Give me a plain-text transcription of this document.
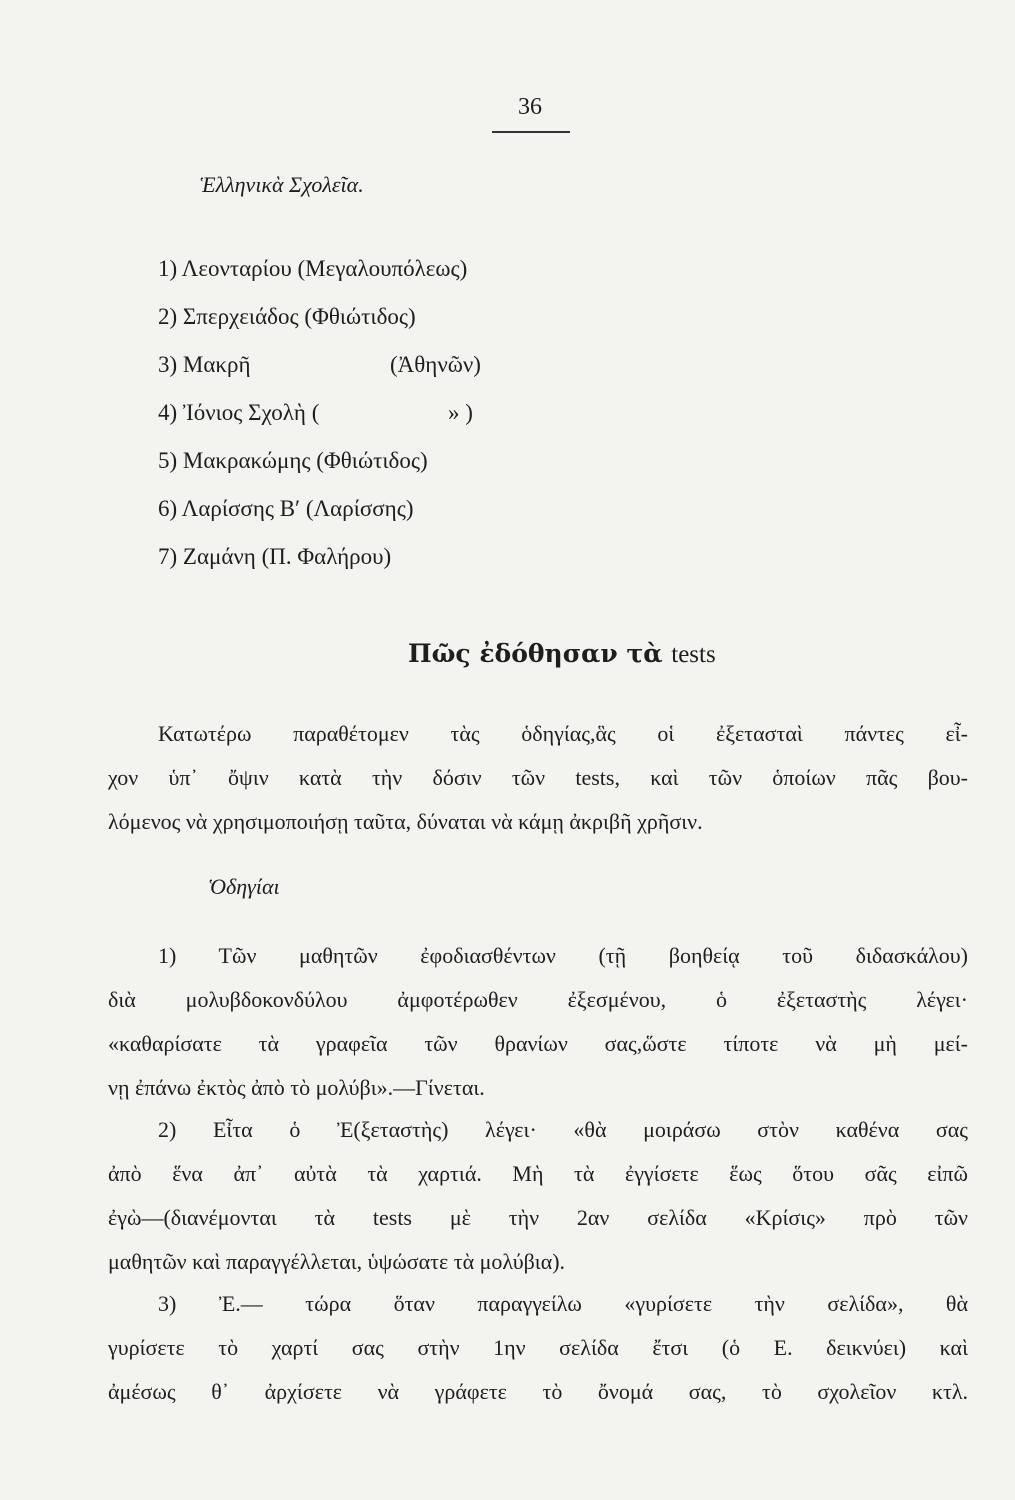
36
Ἑλληνικὰ Σχολεῖα.
1) Λεονταρίου (Μεγαλουπόλεως)
2) Σπερχειάδος (Φθιώτιδος)
3) Μακρῆ	(Ἀθηνῶν)
4) Ἰόνιος Σχολὴ (	» )
5) Μακρακώμης (Φθιώτιδος)
6) Λαρίσσης Β′ (Λαρίσσης)
7) Ζαμάνη (Π. Φαλήρου)
Πῶς ἐδόθησαν τὰ tests
Κατωτέρω παραθέτομεν τὰς ὁδηγίας,ἃς οἱ ἐξετασταὶ πάντες εἶ-
χον ὑπ᾽ ὄψιν κατὰ τὴν δόσιν τῶν tests, καὶ τῶν ὁποίων πᾶς βου-
λόμενος νὰ χρησιμοποιήσῃ ταῦτα, δύναται νὰ κάμῃ ἀκριβῆ χρῆσιν.
Ὁδηγίαι
1) Τῶν μαθητῶν ἐφοδιασθέντων (τῇ βοηθείᾳ τοῦ διδασκάλου)
διὰ μολυβδοκονδύλου ἀμφοτέρωθεν ἐξεσμένου, ὁ ἐξεταστὴς λέγει·
«καθαρίσατε τὰ γραφεῖα τῶν θρανίων σας,ὥστε τίποτε νὰ μὴ μεί-
νῃ ἐπάνω ἐκτὸς ἀπὸ τὸ μολύβι».—Γίνεται.
2) Εἶτα ὁ Ἐ(ξεταστὴς) λέγει· «θὰ μοιράσω στὸν καθένα σας
ἀπὸ ἕνα ἀπ᾽ αὐτὰ τὰ χαρτιά. Μὴ τὰ ἐγγίσετε ἕως ὅτου σᾶς εἰπῶ
ἐγὼ—(διανέμονται τὰ tests μὲ τὴν 2αν σελίδα «Κρίσις» πρὸ τῶν
μαθητῶν καὶ παραγγέλλεται, ὑψώσατε τὰ μολύβια).
3) Ἐ.— τώρα ὅταν παραγγείλω «γυρίσετε τὴν σελίδα», θὰ
γυρίσετε τὸ χαρτί σας στὴν 1ην σελίδα ἔτσι (ὁ Ε. δεικνύει) καὶ
ἀμέσως θ᾽ ἀρχίσετε νὰ γράφετε τὸ ὄνομά σας, τὸ σχολεῖον κτλ.
